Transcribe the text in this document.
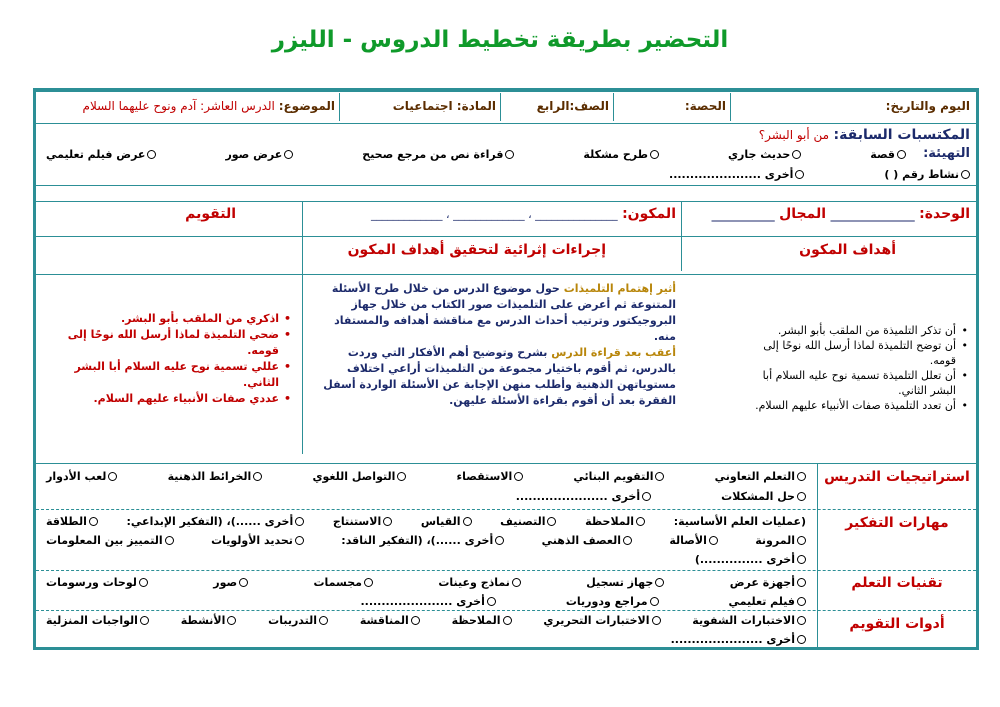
التحضير بطريقة تخطيط الدروس - الليزر
اليوم والتاريخ:
الحصة:
الصف:الرابع
المادة: اجتماعيات
الموضوع: الدرس العاشر: آدم ونوح عليهما السلام
المكتسبات السابقة: من أبو البشر؟
التهيئة:
قصة
حديث جاري
طرح مشكلة
قراءة نص من مرجع صحيح
عرض صور
عرض فيلم تعليمي
نشاط رقم ( )
أخرى ......................
الوحدة: ____________
المجال _________
المكون: _______________ ، _____________ ، _____________
التقويم
أهداف المكون
إجراءات إثرائية لتحقيق أهداف المكون
• أن تذكر التلميذة من الملقب بأبو البشر.
• أن توضح التلميذة لماذا أرسل الله نوحًا إلى قومه.
• أن تعلل التلميذة تسمية نوح عليه السلام أبا البشر الثاني.
• أن تعدد التلميذة صفات الأنبياء عليهم السلام.

أثير إهتمام التلميذات حول موضوع الدرس من خلال طرح الأسئلة المتنوعة ثم أعرض على التلميذات صور الكتاب من خلال جهاز البروجيكتور وترتيب أحداث الدرس مع مناقشة أهدافه والمستفاد منه.

أعقب بعد قراءة الدرس بشرح وتوضيح أهم الأفكار التي وردت بالدرس، ثم أقوم باختيار مجموعة من التلميذات أراعي اختلاف مستوياتهن الذهنية وأطلب منهن الإجابة عن الأسئلة الواردة أسفل الفقرة بعد أن أقوم بقراءة الأسئلة عليهن.

• اذكري من الملقب بأبو البشر.
• ضحي التلميذة لماذا أرسل الله نوحًا إلى قومه.
• عللي تسمية نوح عليه السلام أبا البشر الثاني.
• عددي صفات الأنبياء عليهم السلام.
استراتيجيات التدريس
التعلم التعاوني
التقويم البنائي
الاستقصاء
التواصل اللغوي
الخرائط الذهنية
لعب الأدوار
حل المشكلات
أخرى ......................
مهارات التفكير
(عمليات العلم الأساسية:
الملاحظة
التصنيف
القياس
الاستنتاج
أخرى ......)، (التفكير الإبداعي:
الطلاقة
المرونة
الأصالة
العصف الذهني
أخرى ......)، (التفكير الناقد:
تحديد الأولويات
التمييز بين المعلومات
أخرى ...............)
تقنيات التعلم
أجهزة عرض
جهاز تسجيل
نماذج وعينات
مجسمات
صور
لوحات ورسومات
فيلم تعليمي
مراجع ودوريات
أخرى ......................
أدوات التقويم
الاختبارات الشفوية
الاختبارات التحريري
الملاحظة
المناقشة
التدريبات
الأنشطة
الواجبات المنزلية
أخرى ......................
